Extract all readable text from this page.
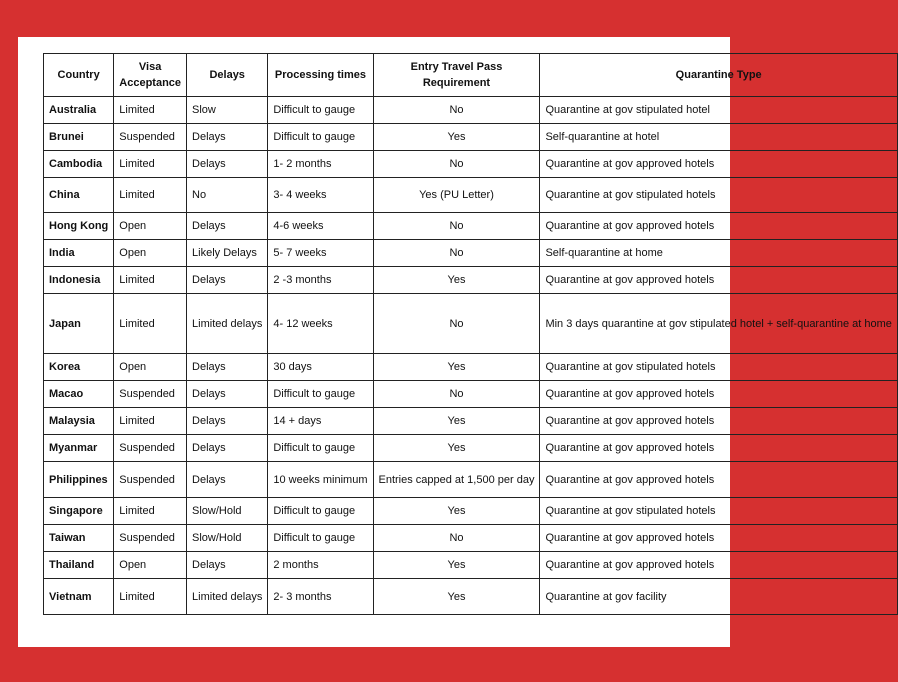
Country	Visa Acceptance	Delays	Processing times	Entry Travel Pass Requirement	Quarantine Type
Australia	Limited	Slow	Difficult to gauge	No	Quarantine at gov stipulated hotel
Brunei	Suspended	Delays	Difficult to gauge	Yes	Self-quarantine at hotel
Cambodia	Limited	Delays	1- 2 months	No	Quarantine at gov approved hotels
China	Limited	No	3- 4 weeks	Yes (PU Letter)	Quarantine at gov stipulated hotels
Hong Kong	Open	Delays	4-6 weeks	No	Quarantine at gov approved hotels
India	Open	Likely Delays	5- 7 weeks	No	Self-quarantine at home
Indonesia	Limited	Delays	2 -3 months	Yes	Quarantine at gov approved hotels
Japan	Limited	Limited delays	4- 12 weeks	No	Min 3 days quarantine at gov stipulated hotel + self-quarantine at home
Korea	Open	Delays	30 days	Yes	Quarantine at gov stipulated hotels
Macao	Suspended	Delays	Difficult to gauge	No	Quarantine at gov approved hotels
Malaysia	Limited	Delays	14 + days	Yes	Quarantine at gov approved hotels
Myanmar	Suspended	Delays	Difficult to gauge	Yes	Quarantine at gov approved hotels
Philippines	Suspended	Delays	10 weeks minimum	Entries capped at 1,500 per day	Quarantine at gov approved hotels
Singapore	Limited	Slow/Hold	Difficult to gauge	Yes	Quarantine at gov stipulated hotels
Taiwan	Suspended	Slow/Hold	Difficult to gauge	No	Quarantine at gov approved hotels
Thailand	Open	Delays	2 months	Yes	Quarantine at gov approved hotels
Vietnam	Limited	Limited delays	2- 3 months	Yes	Quarantine at gov facility
